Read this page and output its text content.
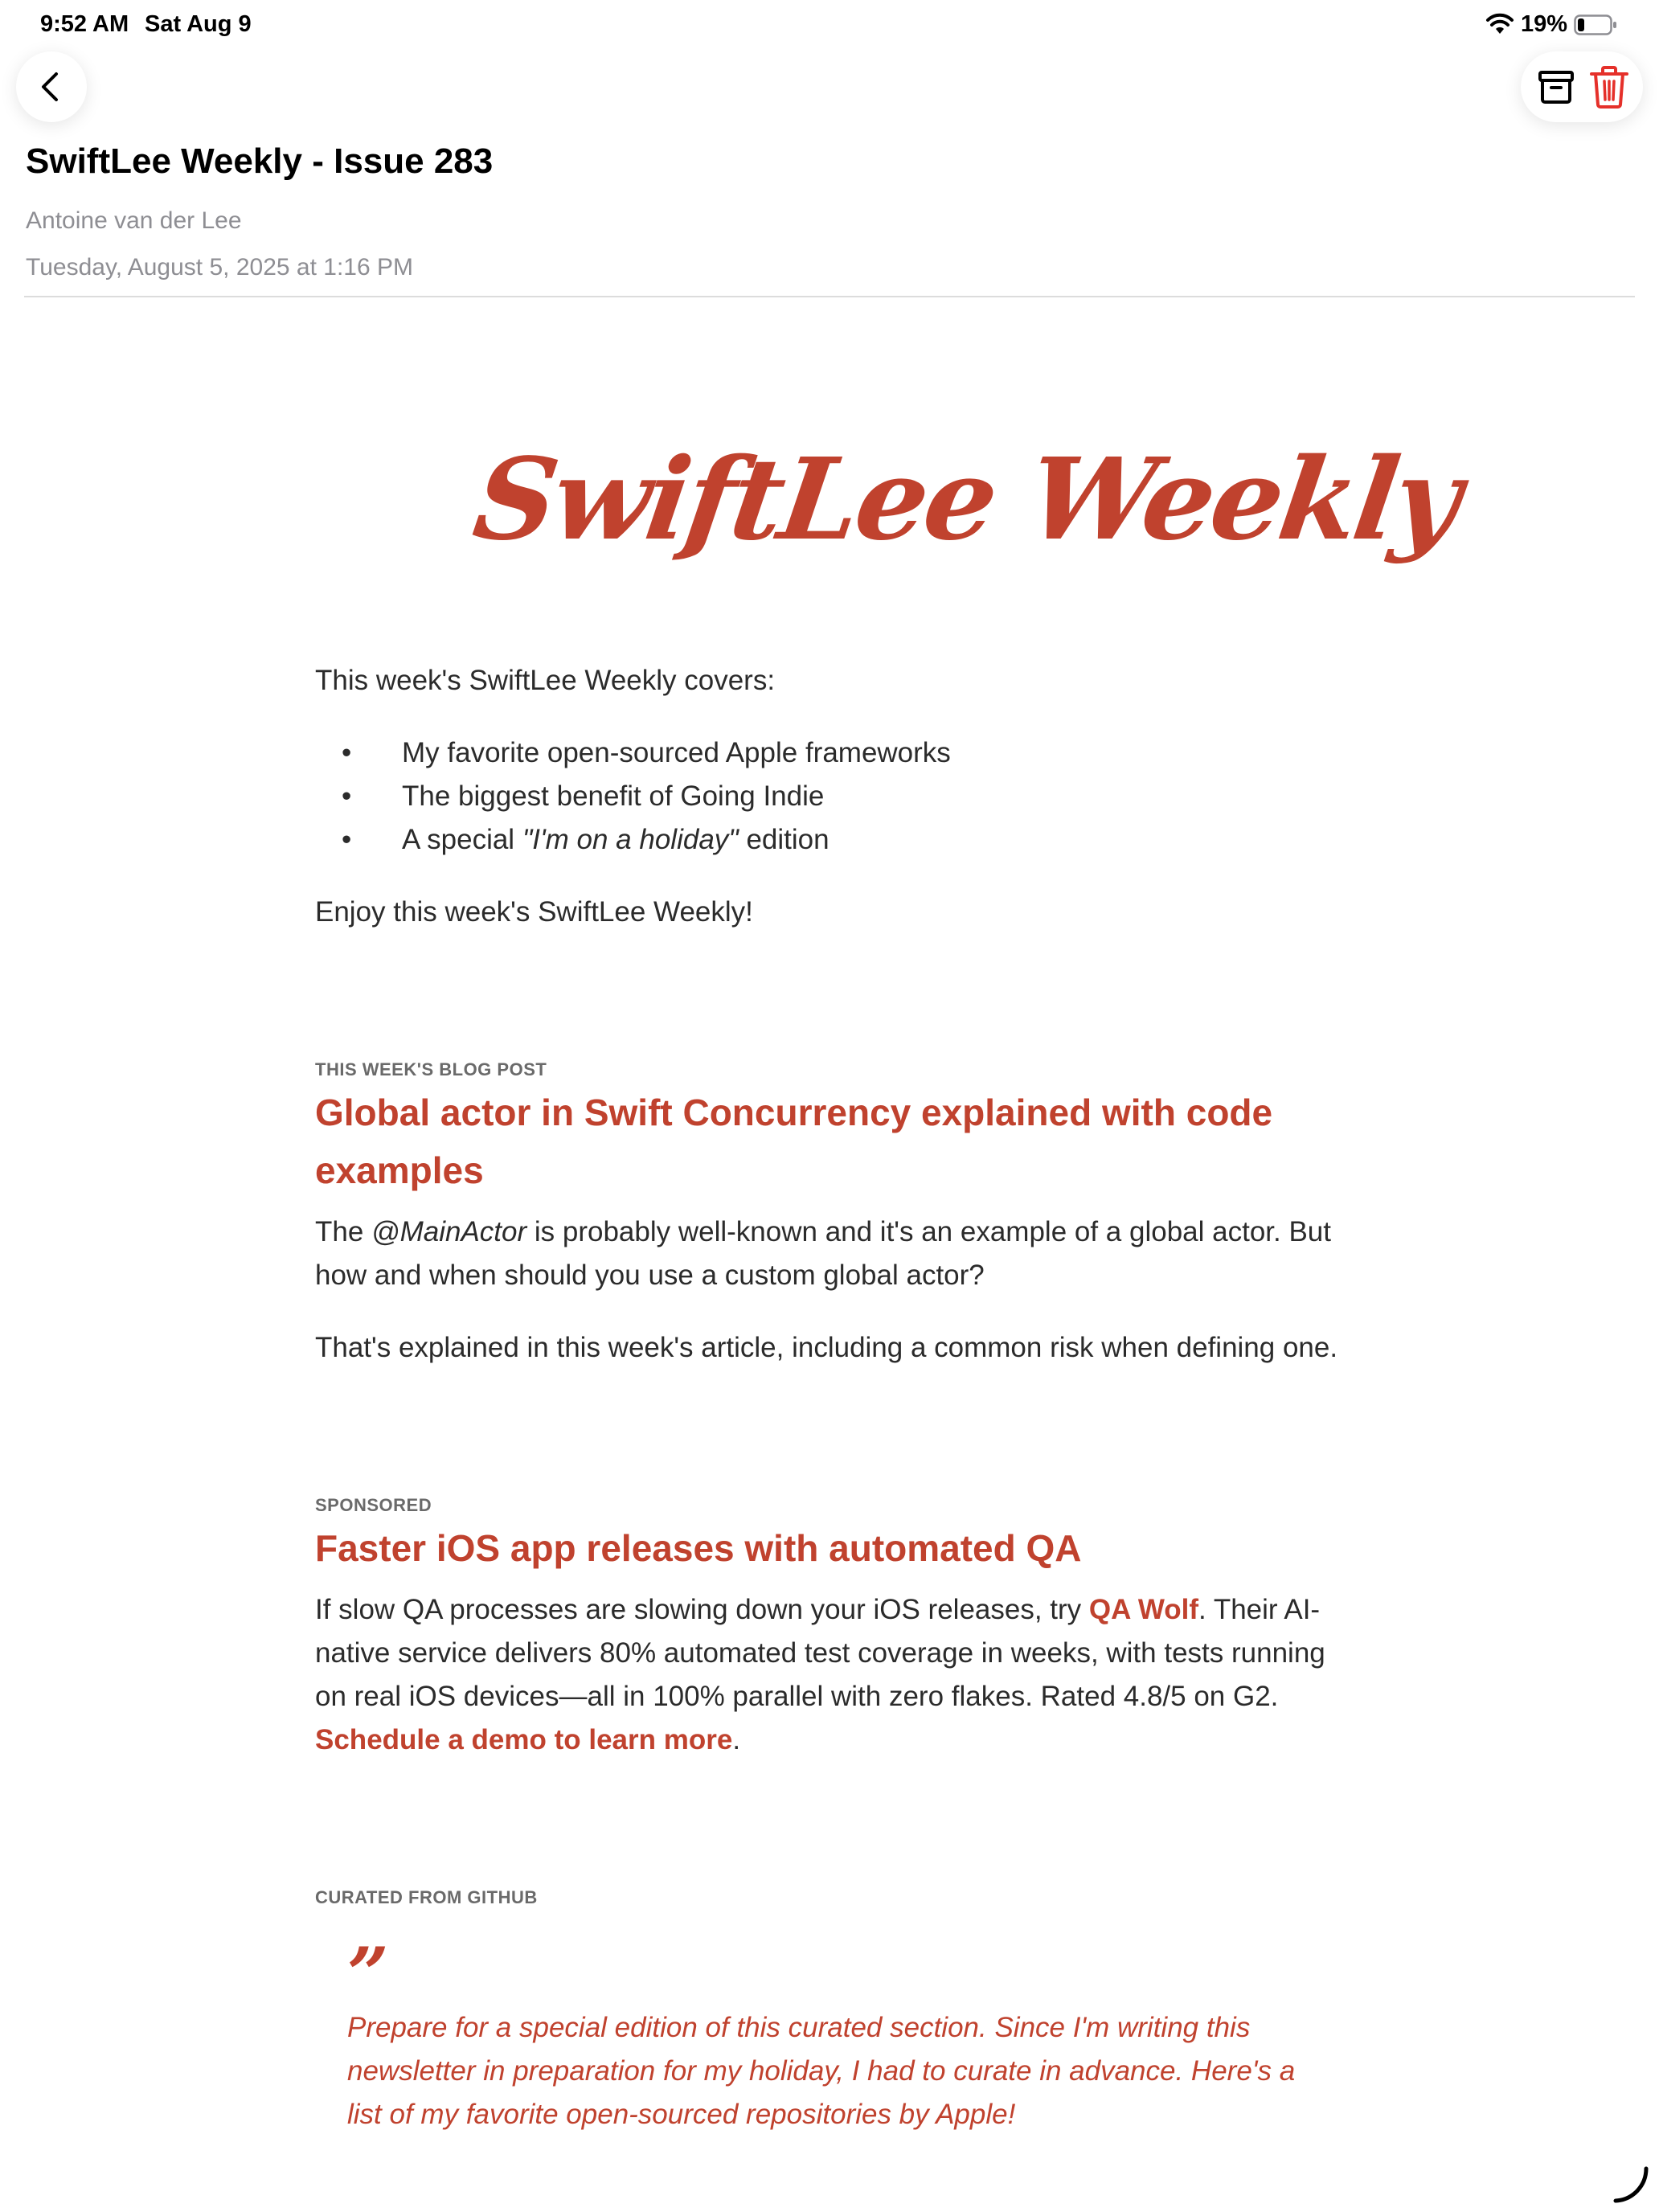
9:52 AM Sat Aug 9	19%
SwiftLee Weekly - Issue 283
Antoine van der Lee
Tuesday, August 5, 2025 at 1:16 PM
SwiftLee Weekly

This week's SwiftLee Weekly covers:

• My favorite open-sourced Apple frameworks
• The biggest benefit of Going Indie
• A special "I'm on a holiday" edition

Enjoy this week's SwiftLee Weekly!

THIS WEEK'S BLOG POST

Global actor in Swift Concurrency explained with code examples

The @MainActor is probably well-known and it's an example of a global actor. But how and when should you use a custom global actor?

That's explained in this week's article, including a common risk when defining one.

SPONSORED

Faster iOS app releases with automated QA

If slow QA processes are slowing down your iOS releases, try QA Wolf. Their AI-native service delivers 80% automated test coverage in weeks, with tests running on real iOS devices—all in 100% parallel with zero flakes. Rated 4.8/5 on G2. Schedule a demo to learn more.

CURATED FROM GITHUB
”

Prepare for a special edition of this curated section. Since I'm writing this newsletter in preparation for my holiday, I had to curate in advance. Here's a list of my favorite open-sourced repositories by Apple!
